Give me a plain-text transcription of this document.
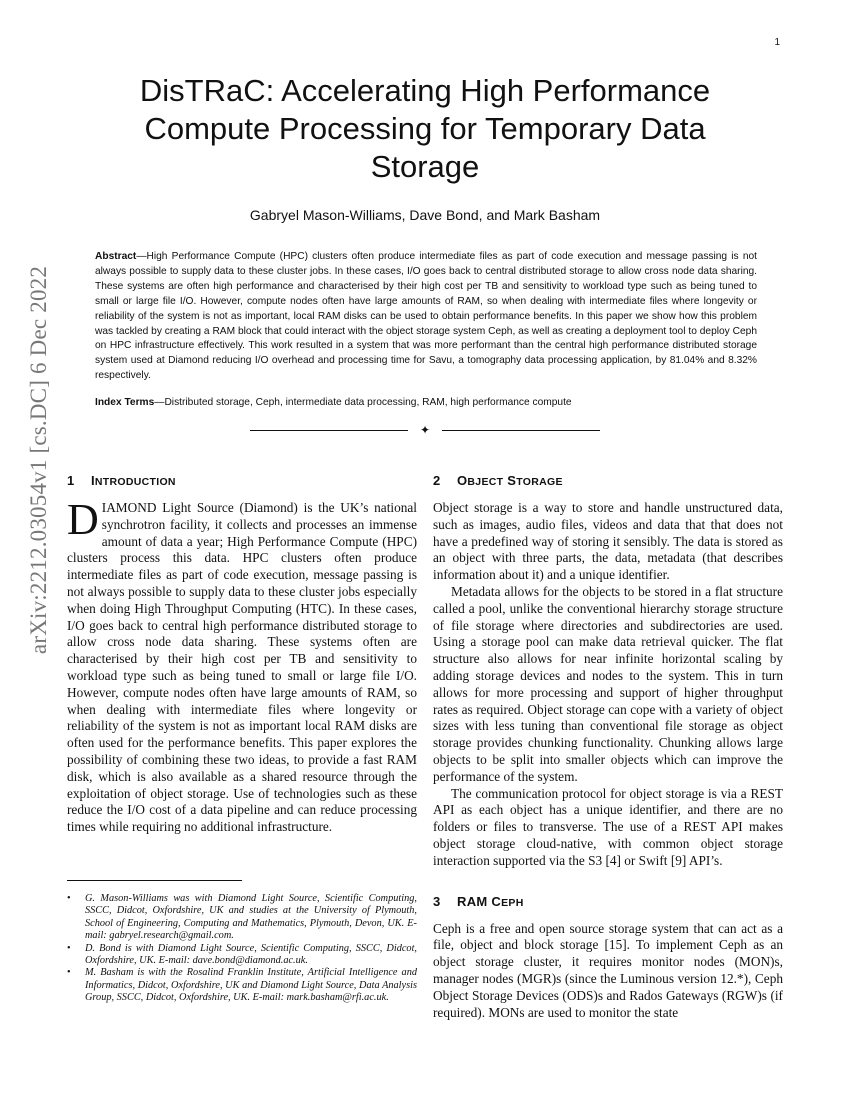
1
arXiv:2212.03054v1 [cs.DC] 6 Dec 2022
DisTRaC: Accelerating High Performance Compute Processing for Temporary Data Storage
Gabryel Mason-Williams, Dave Bond, and Mark Basham

Abstract—High Performance Compute (HPC) clusters often produce intermediate files as part of code execution and message passing is not always possible to supply data to these cluster jobs. In these cases, I/O goes back to central distributed storage to allow cross node data sharing. These systems are often high performance and characterised by their high cost per TB and sensitivity to workload type such as being tuned to small or large file I/O. However, compute nodes often have large amounts of RAM, so when dealing with intermediate files where longevity or reliability of the system is not as important, local RAM disks can be used to obtain performance benefits. In this paper we show how this problem was tackled by creating a RAM block that could interact with the object storage system Ceph, as well as creating a deployment tool to deploy Ceph on HPC infrastructure effectively. This work resulted in a system that was more performant than the central high performance distributed storage system used at Diamond reducing I/O overhead and processing time for Savu, a tomography data processing application, by 81.04% and 8.32% respectively.

Index Terms—Distributed storage, Ceph, intermediate data processing, RAM, high performance compute

✦
1 INTRODUCTION

DIAMOND Light Source (Diamond) is the UK’s national synchrotron facility, it collects and processes an immense amount of data a year; High Performance Compute (HPC) clusters process this data. HPC clusters often produce intermediate files as part of code execution, message passing is not always possible to supply data to these cluster jobs especially when doing High Throughput Computing (HTC). In these cases, I/O goes back to central high performance distributed storage to allow cross node data sharing. These systems often are characterised by their high cost per TB and sensitivity to workload type such as being tuned to small or large file I/O. However, compute nodes often have large amounts of RAM, so when dealing with intermediate files where longevity or reliability of the system is not as important local RAM disks are often used for the performance benefits. This paper explores the possibility of combining these two ideas, to provide a fast RAM disk, which is also available as a shared resource through the exploitation of object storage. Use of technologies such as these reduce the I/O cost of a data pipeline and can reduce processing times while requiring no additional infrastructure.

• G. Mason-Williams was with Diamond Light Source, Scientific Computing, SSCC, Didcot, Oxfordshire, UK and studies at the University of Plymouth, School of Engineering, Computing and Mathematics, Plymouth, Devon, UK. E-mail: gabryel.research@gmail.com.
• D. Bond is with Diamond Light Source, Scientific Computing, SSCC, Didcot, Oxfordshire, UK. E-mail: dave.bond@diamond.ac.uk.
• M. Basham is with the Rosalind Franklin Institute, Artificial Intelligence and Informatics, Didcot, Oxfordshire, UK and Diamond Light Source, Data Analysis Group, SSCC, Didcot, Oxfordshire, UK. E-mail: mark.basham@rfi.ac.uk.
2 OBJECT STORAGE

Object storage is a way to store and handle unstructured data, such as images, audio files, videos and data that that does not have a predefined way of storing it sensibly. The data is stored as an object with three parts, the data, metadata (that describes information about it) and a unique identifier.

Metadata allows for the objects to be stored in a flat structure called a pool, unlike the conventional hierarchy storage structure of file storage where directories and subdirectories are used. Using a storage pool can make data retrieval quicker. The flat structure also allows for near infinite horizontal scaling by adding storage devices and nodes to the system. This in turn allows for more processing and support of higher throughput rates as required. Object storage can cope with a variety of object sizes with less tuning than conventional file storage as object storage provides chunking functionality. Chunking allows large objects to be split into smaller objects which can improve the performance of the system.

The communication protocol for object storage is via a REST API as each object has a unique identifier, and there are no folders or files to transverse. The use of a REST API makes object storage cloud-native, with common object storage interaction supported via the S3 [4] or Swift [9] API’s.

3 RAM CEPH

Ceph is a free and open source storage system that can act as a file, object and block storage [15]. To implement Ceph as an object storage cluster, it requires monitor nodes (MON)s, manager nodes (MGR)s (since the Luminous version 12.*), Ceph Object Storage Devices (ODS)s and Rados Gateways (RGW)s (if required). MONs are used to monitor the state
